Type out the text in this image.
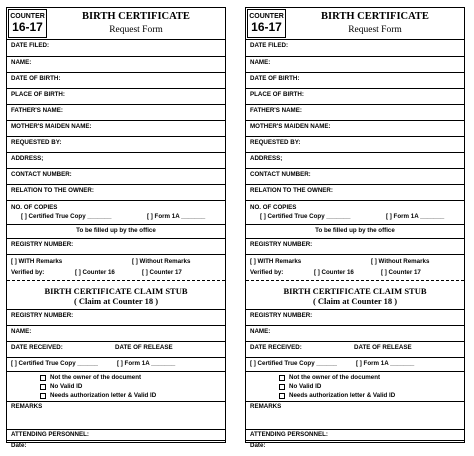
COUNTER
16-17
BIRTH CERTIFICATE
Request Form
DATE FILED:
NAME:
DATE OF BIRTH:
PLACE OF BIRTH:
FATHER'S NAME:
MOTHER'S MAIDEN NAME:
REQUESTED BY:
ADDRESS;
CONTACT NUMBER:
RELATION TO THE OWNER:
NO. OF COPIES
[ ] Certified True Copy _______	[ ] Form 1A _______
To be filled up by the office
REGISTRY NUMBER:
[ ] WITH Remarks	[ ] Without Remarks
Verified by:	[ ] Counter 16	[ ] Counter 17
BIRTH CERTIFICATE CLAIM STUB
( Claim at Counter 18 )
REGISTRY NUMBER:
NAME:
DATE RECEIVED:	DATE OF RELEASE
[ ] Certified True Copy ______	[ ] Form 1A _______
Not the owner of the document
No Valid ID
Needs authorization letter & Valid ID
REMARKS
ATTENDING PERSONNEL:
Date:
COUNTER
16-17
BIRTH CERTIFICATE
Request Form
DATE FILED:
NAME:
DATE OF BIRTH:
PLACE OF BIRTH:
FATHER'S NAME:
MOTHER'S MAIDEN NAME:
REQUESTED BY:
ADDRESS;
CONTACT NUMBER:
RELATION TO THE OWNER:
NO. OF COPIES
[ ] Certified True Copy _______	[ ] Form 1A _______
To be filled up by the office
REGISTRY NUMBER:
[ ] WITH Remarks	[ ] Without Remarks
Verified by:	[ ] Counter 16	[ ] Counter 17
BIRTH CERTIFICATE CLAIM STUB
( Claim at Counter 18 )
REGISTRY NUMBER:
NAME:
DATE RECEIVED:	DATE OF RELEASE
[ ] Certified True Copy ______	[ ] Form 1A _______
Not the owner of the document
No Valid ID
Needs authorization letter & Valid ID
REMARKS
ATTENDING PERSONNEL:
Date:
